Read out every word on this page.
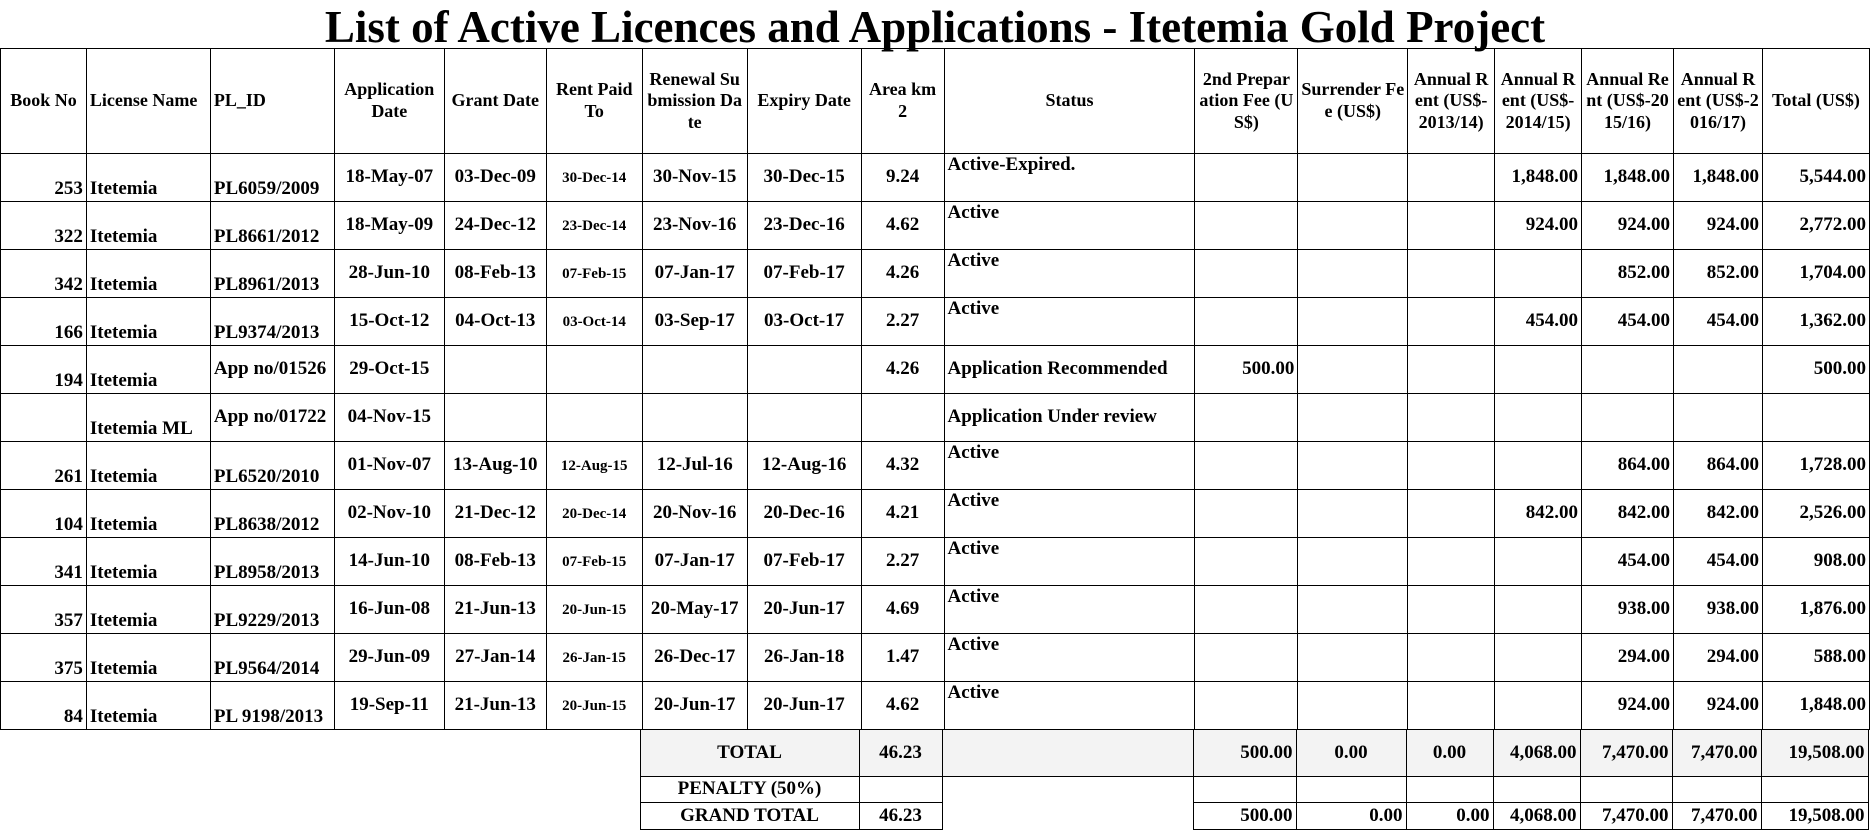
List of Active Licences and Applications - Itetemia Gold Project
Book No	License Name	PL_ID	Application Date	Grant Date	Rent Paid To	Renewal Submission Date	Expiry Date	Area km2	Status	2nd Preparation Fee (US$)	Surrender Fee (US$)	Annual Rent (US$-2013/14)	Annual Rent (US$-2014/15)	Annual Rent (US$-2015/16)	Annual Rent (US$-2016/17)	Total (US$)
253	Itetemia	PL6059/2009	18-May-07	03-Dec-09	30-Dec-14	30-Nov-15	30-Dec-15	9.24	Active-Expired.				1,848.00	1,848.00	1,848.00	5,544.00
322	Itetemia	PL8661/2012	18-May-09	24-Dec-12	23-Dec-14	23-Nov-16	23-Dec-16	4.62	Active				924.00	924.00	924.00	2,772.00
342	Itetemia	PL8961/2013	28-Jun-10	08-Feb-13	07-Feb-15	07-Jan-17	07-Feb-17	4.26	Active					852.00	852.00	1,704.00
166	Itetemia	PL9374/2013	15-Oct-12	04-Oct-13	03-Oct-14	03-Sep-17	03-Oct-17	2.27	Active				454.00	454.00	454.00	1,362.00
194	Itetemia	App no/01526	29-Oct-15					4.26	Application Recommended	500.00						500.00
	Itetemia ML	App no/01722	04-Nov-15						Application Under review							
261	Itetemia	PL6520/2010	01-Nov-07	13-Aug-10	12-Aug-15	12-Jul-16	12-Aug-16	4.32	Active					864.00	864.00	1,728.00
104	Itetemia	PL8638/2012	02-Nov-10	21-Dec-12	20-Dec-14	20-Nov-16	20-Dec-16	4.21	Active				842.00	842.00	842.00	2,526.00
341	Itetemia	PL8958/2013	14-Jun-10	08-Feb-13	07-Feb-15	07-Jan-17	07-Feb-17	2.27	Active					454.00	454.00	908.00
357	Itetemia	PL9229/2013	16-Jun-08	21-Jun-13	20-Jun-15	20-May-17	20-Jun-17	4.69	Active					938.00	938.00	1,876.00
375	Itetemia	PL9564/2014	29-Jun-09	27-Jan-14	26-Jan-15	26-Dec-17	26-Jan-18	1.47	Active					294.00	294.00	588.00
84	Itetemia	PL 9198/2013	19-Sep-11	21-Jun-13	20-Jun-15	20-Jun-17	20-Jun-17	4.62	Active					924.00	924.00	1,848.00
	TOTAL	46.23		500.00	0.00	0.00	4,068.00	7,470.00	7,470.00	19,508.00
	PENALTY (50%)									
	GRAND TOTAL	46.23		500.00	0.00	0.00	4,068.00	7,470.00	7,470.00	19,508.00
